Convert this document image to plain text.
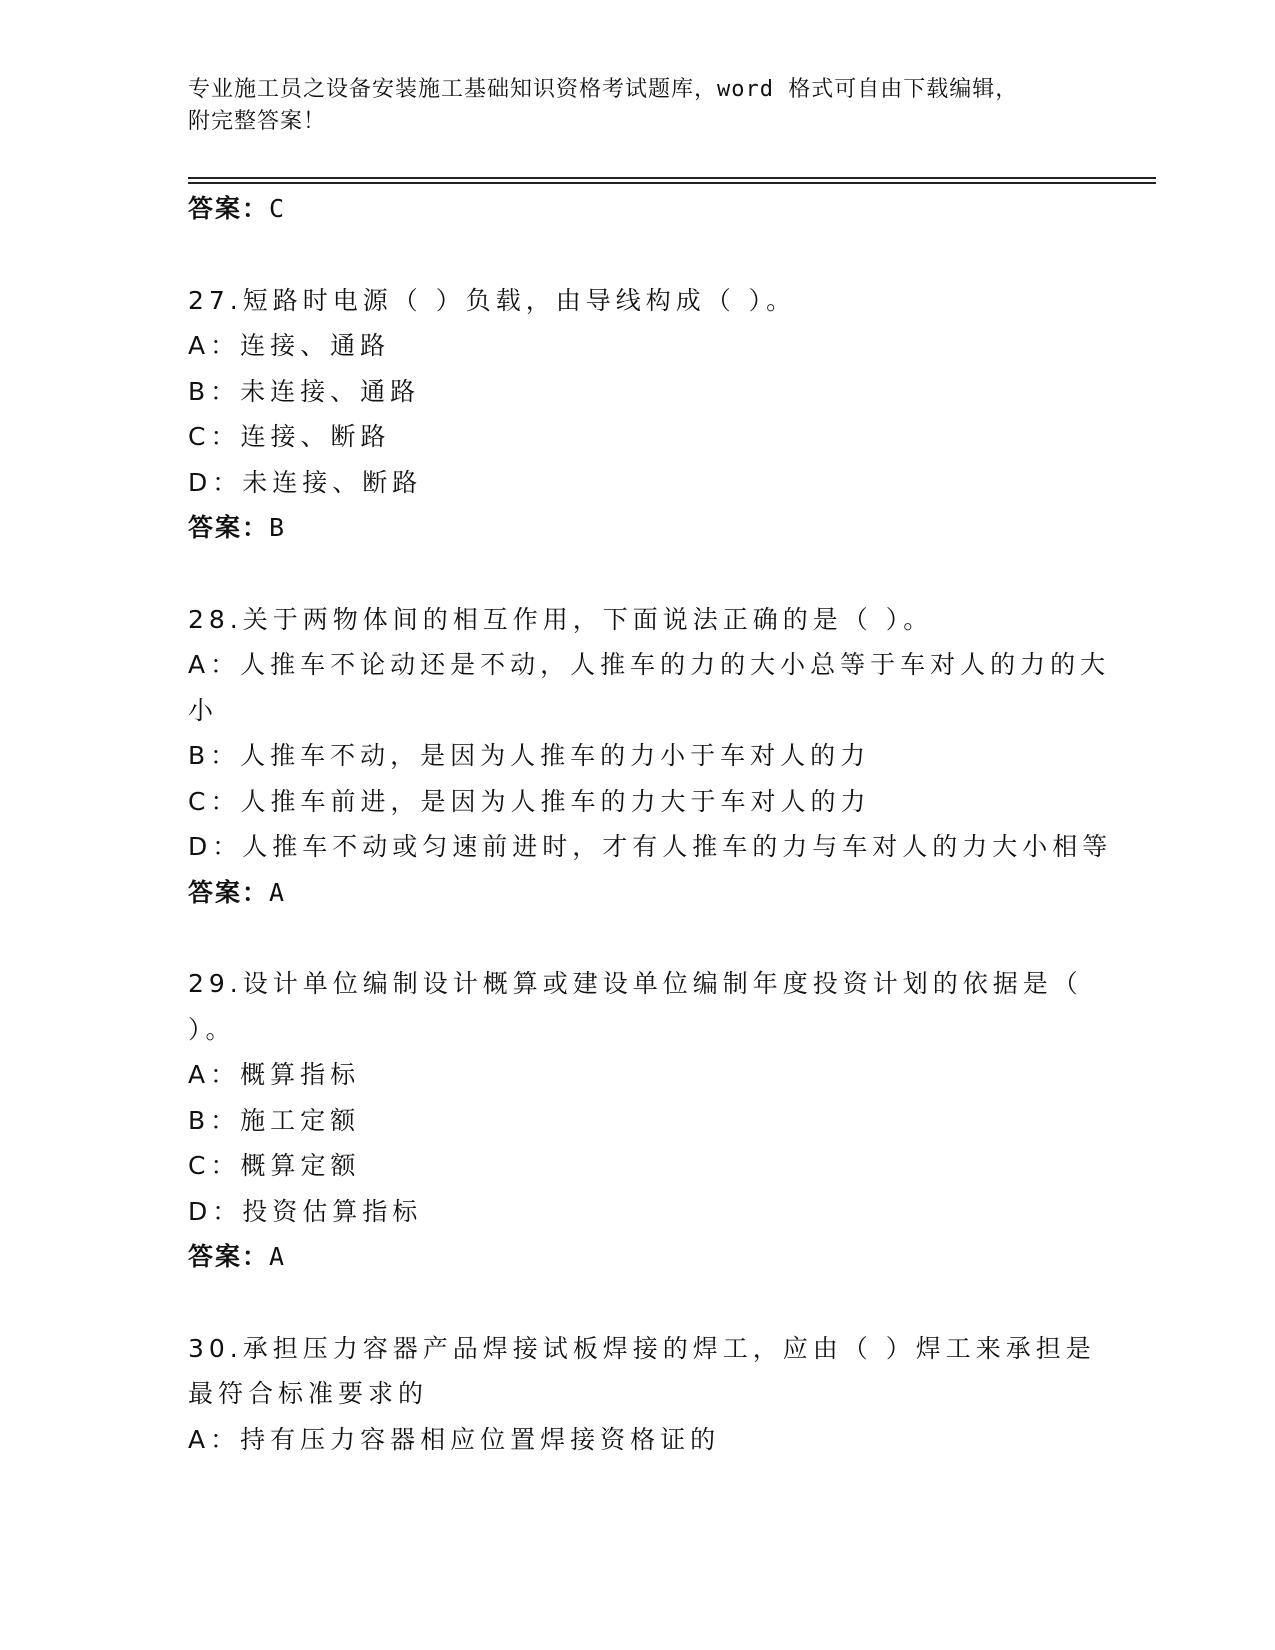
专业施工员之设备安装施工基础知识资格考试题库，word 格式可自由下载编辑，
附完整答案！
答案：C
27.短路时电源（ ）负载，由导线构成（ ）。
A：连接、通路
B：未连接、通路
C：连接、断路
D：未连接、断路
答案：B
28.关于两物体间的相互作用，下面说法正确的是（ ）。
A：人推车不论动还是不动，人推车的力的大小总等于车对人的力的大
小
B：人推车不动，是因为人推车的力小于车对人的力
C：人推车前进，是因为人推车的力大于车对人的力
D：人推车不动或匀速前进时，才有人推车的力与车对人的力大小相等
答案：A
29.设计单位编制设计概算或建设单位编制年度投资计划的依据是（
）。
A：概算指标
B：施工定额
C：概算定额
D：投资估算指标
答案：A
30.承担压力容器产品焊接试板焊接的焊工，应由（ ）焊工来承担是
最符合标准要求的
A：持有压力容器相应位置焊接资格证的
